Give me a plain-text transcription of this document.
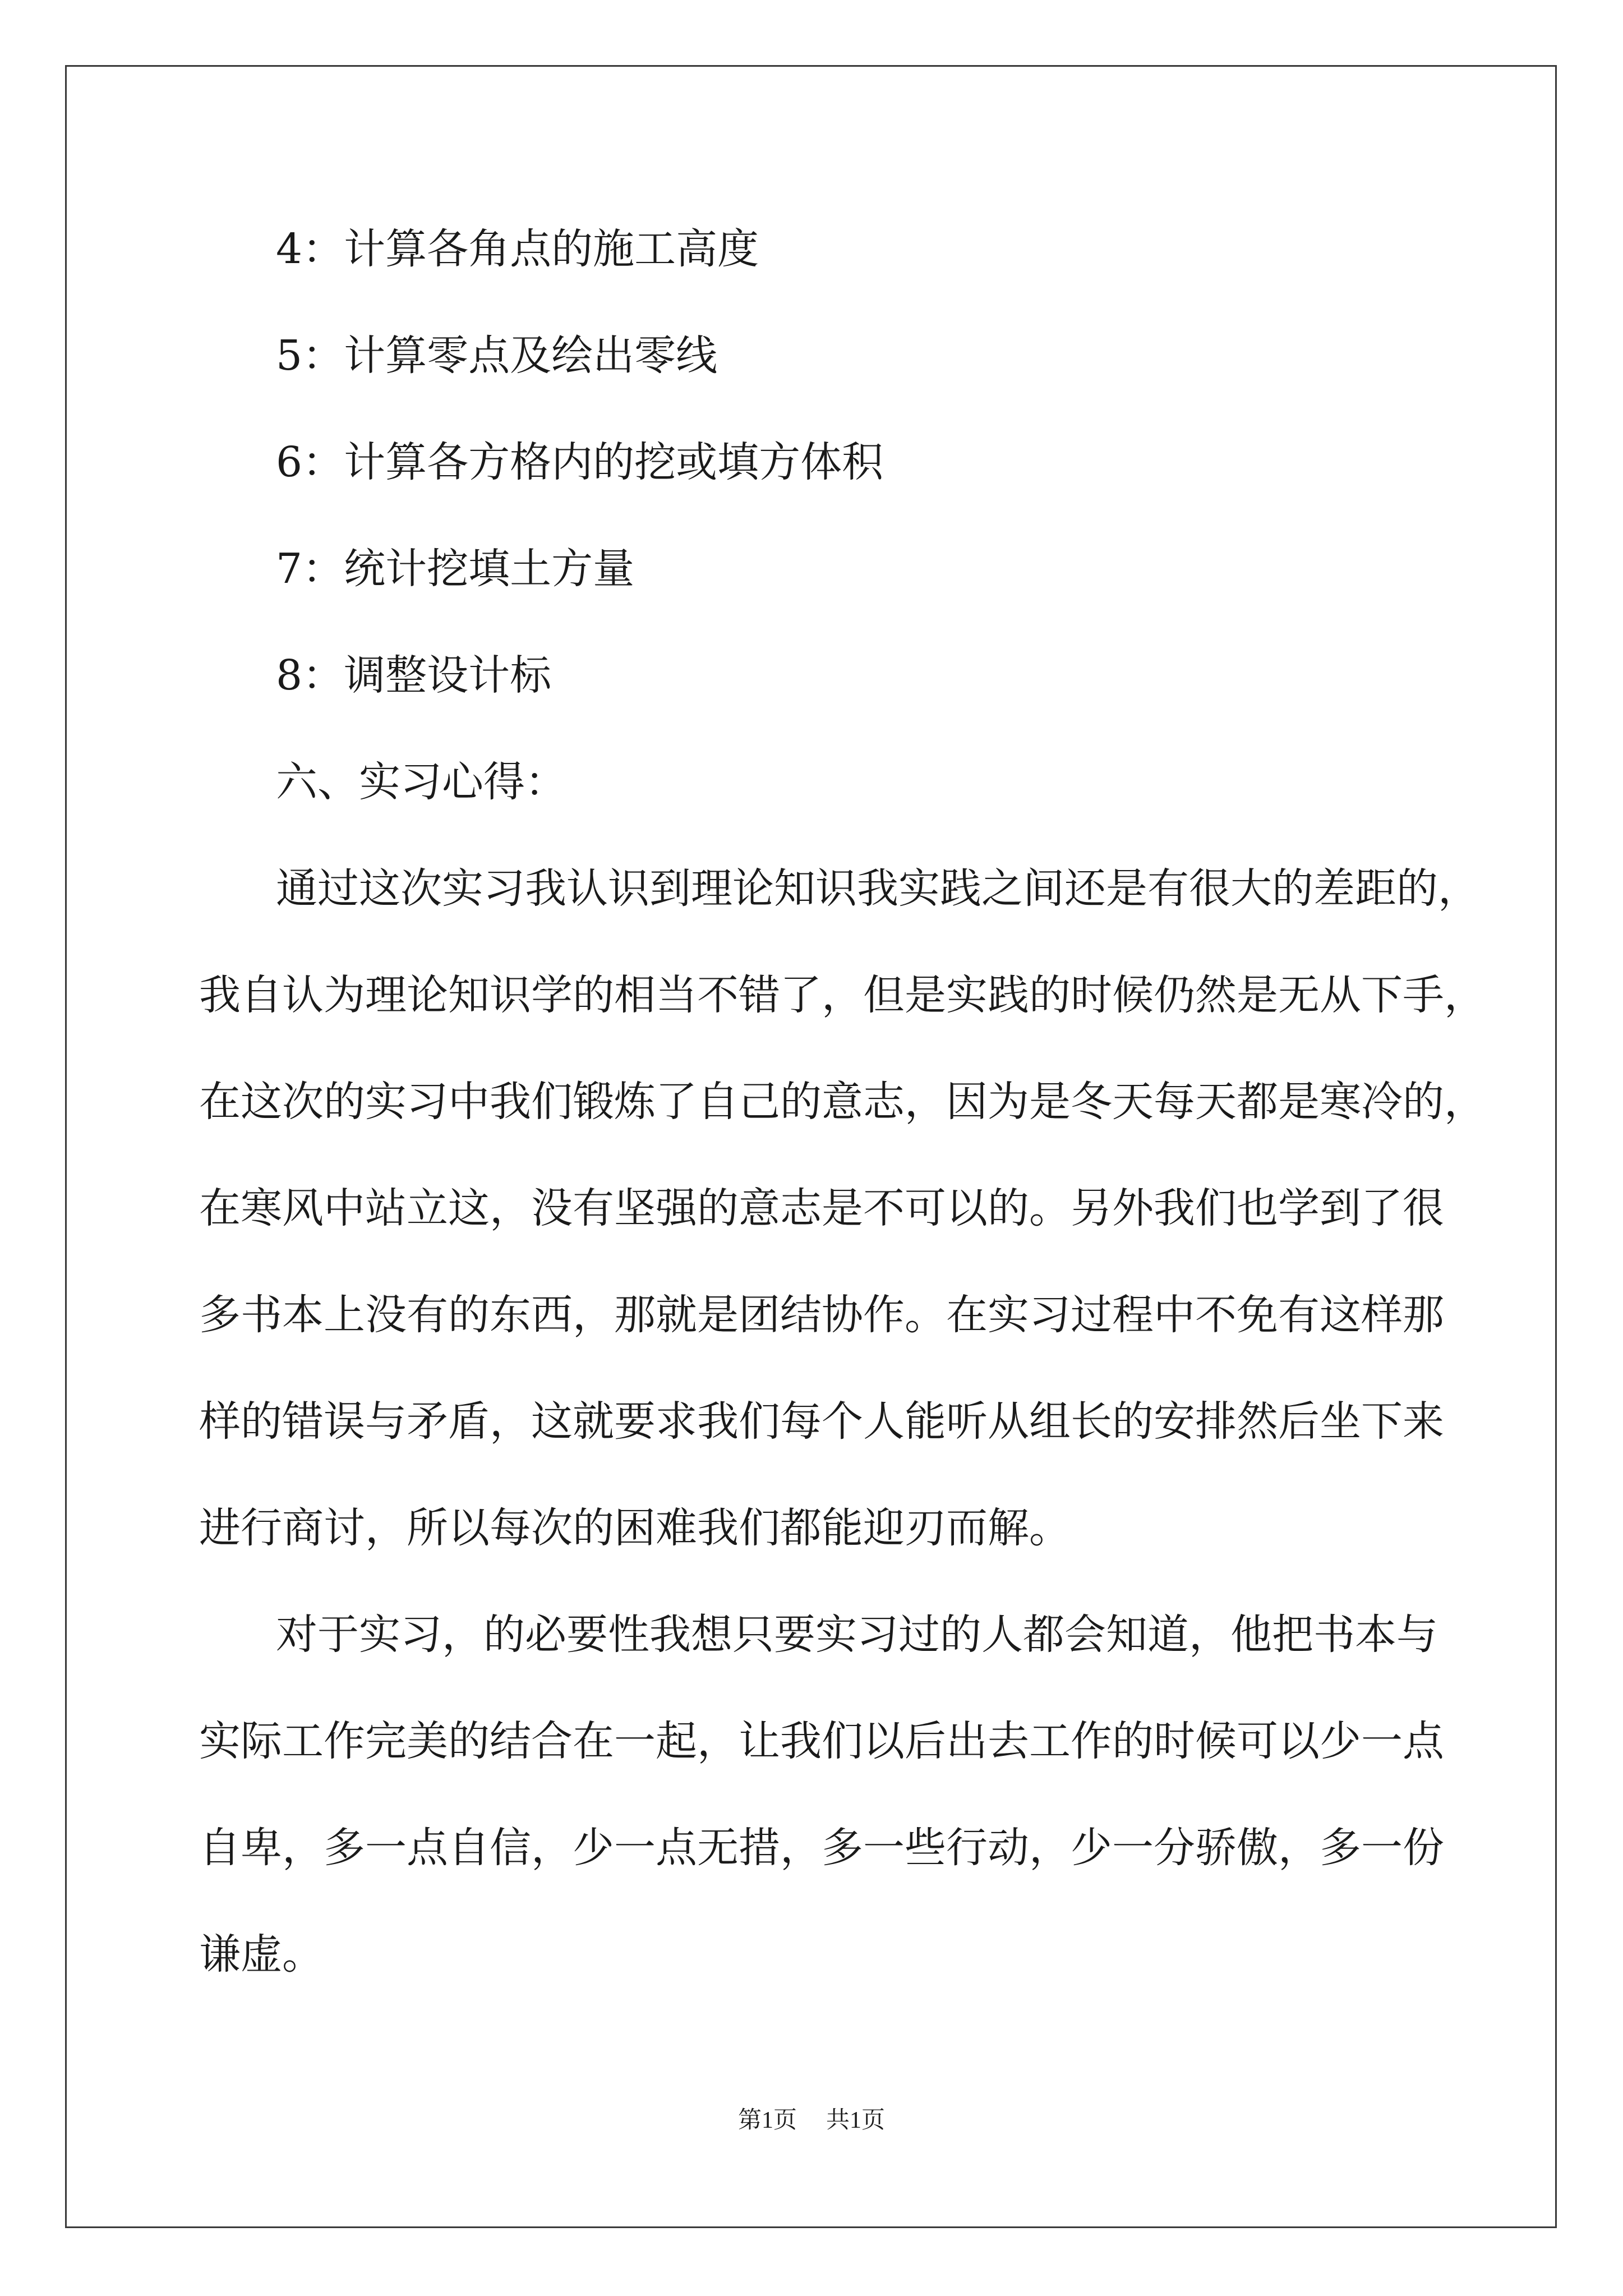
4：计算各角点的施工高度

5：计算零点及绘出零线

6：计算各方格内的挖或填方体积

7：统计挖填土方量

8：调整设计标

六、实习心得：

通过这次实习我认识到理论知识我实践之间还是有很大的差距的，

我自认为理论知识学的相当不错了，但是实践的时候仍然是无从下手，

在这次的实习中我们锻炼了自己的意志，因为是冬天每天都是寒冷的，

在寒风中站立这，没有坚强的意志是不可以的。另外我们也学到了很

多书本上没有的东西，那就是团结协作。在实习过程中不免有这样那

样的错误与矛盾，这就要求我们每个人能听从组长的安排然后坐下来

进行商讨，所以每次的困难我们都能迎刃而解。

对于实习，的必要性我想只要实习过的人都会知道，他把书本与

实际工作完美的结合在一起，让我们以后出去工作的时候可以少一点

自卑，多一点自信，少一点无措，多一些行动，少一分骄傲，多一份

谦虚。

第1页 共1页
